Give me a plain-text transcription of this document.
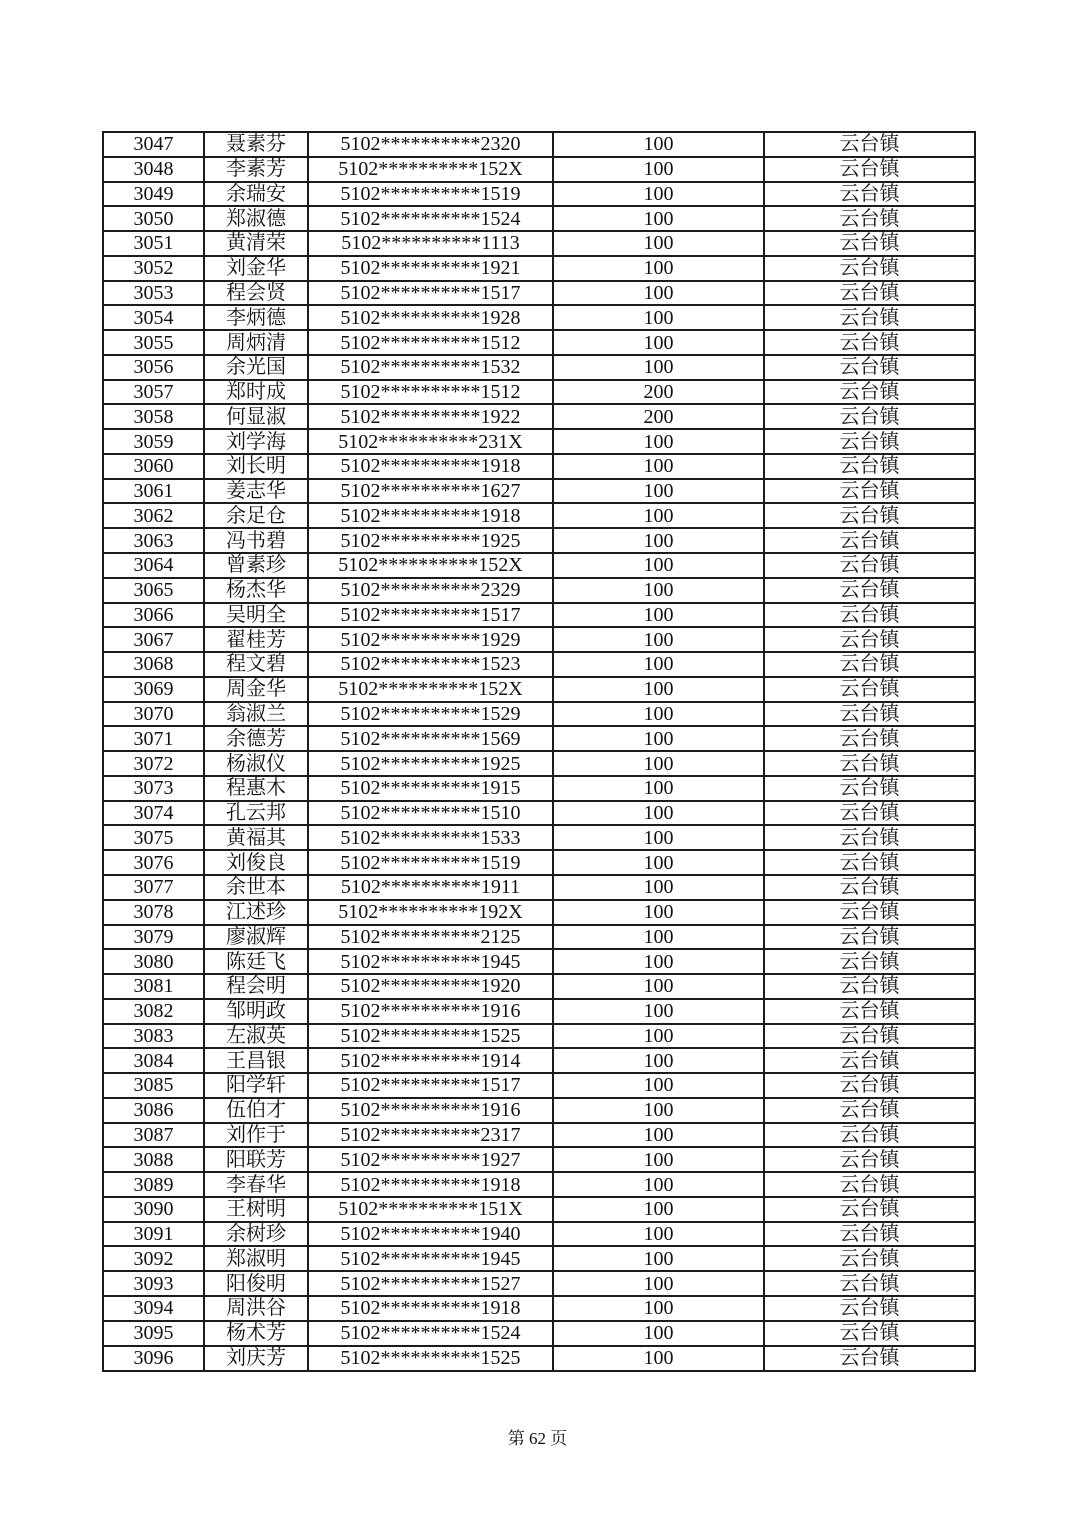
3047	聂素芬	5102**********2320	100	云台镇
3048	李素芳	5102**********152X	100	云台镇
3049	余瑞安	5102**********1519	100	云台镇
3050	郑淑德	5102**********1524	100	云台镇
3051	黄清荣	5102**********1113	100	云台镇
3052	刘金华	5102**********1921	100	云台镇
3053	程会贤	5102**********1517	100	云台镇
3054	李炳德	5102**********1928	100	云台镇
3055	周炳清	5102**********1512	100	云台镇
3056	余光国	5102**********1532	100	云台镇
3057	郑时成	5102**********1512	200	云台镇
3058	何显淑	5102**********1922	200	云台镇
3059	刘学海	5102**********231X	100	云台镇
3060	刘长明	5102**********1918	100	云台镇
3061	姜志华	5102**********1627	100	云台镇
3062	余足仓	5102**********1918	100	云台镇
3063	冯书碧	5102**********1925	100	云台镇
3064	曾素珍	5102**********152X	100	云台镇
3065	杨杰华	5102**********2329	100	云台镇
3066	吴明全	5102**********1517	100	云台镇
3067	翟桂芳	5102**********1929	100	云台镇
3068	程文碧	5102**********1523	100	云台镇
3069	周金华	5102**********152X	100	云台镇
3070	翁淑兰	5102**********1529	100	云台镇
3071	余德芳	5102**********1569	100	云台镇
3072	杨淑仪	5102**********1925	100	云台镇
3073	程惠木	5102**********1915	100	云台镇
3074	孔云邦	5102**********1510	100	云台镇
3075	黄福其	5102**********1533	100	云台镇
3076	刘俊良	5102**********1519	100	云台镇
3077	余世本	5102**********1911	100	云台镇
3078	江述珍	5102**********192X	100	云台镇
3079	廖淑辉	5102**********2125	100	云台镇
3080	陈廷飞	5102**********1945	100	云台镇
3081	程会明	5102**********1920	100	云台镇
3082	邹明政	5102**********1916	100	云台镇
3083	左淑英	5102**********1525	100	云台镇
3084	王昌银	5102**********1914	100	云台镇
3085	阳学轩	5102**********1517	100	云台镇
3086	伍伯才	5102**********1916	100	云台镇
3087	刘作于	5102**********2317	100	云台镇
3088	阳联芳	5102**********1927	100	云台镇
3089	李春华	5102**********1918	100	云台镇
3090	王树明	5102**********151X	100	云台镇
3091	余树珍	5102**********1940	100	云台镇
3092	郑淑明	5102**********1945	100	云台镇
3093	阳俊明	5102**********1527	100	云台镇
3094	周洪谷	5102**********1918	100	云台镇
3095	杨术芳	5102**********1524	100	云台镇
3096	刘庆芳	5102**********1525	100	云台镇
第 62 页
